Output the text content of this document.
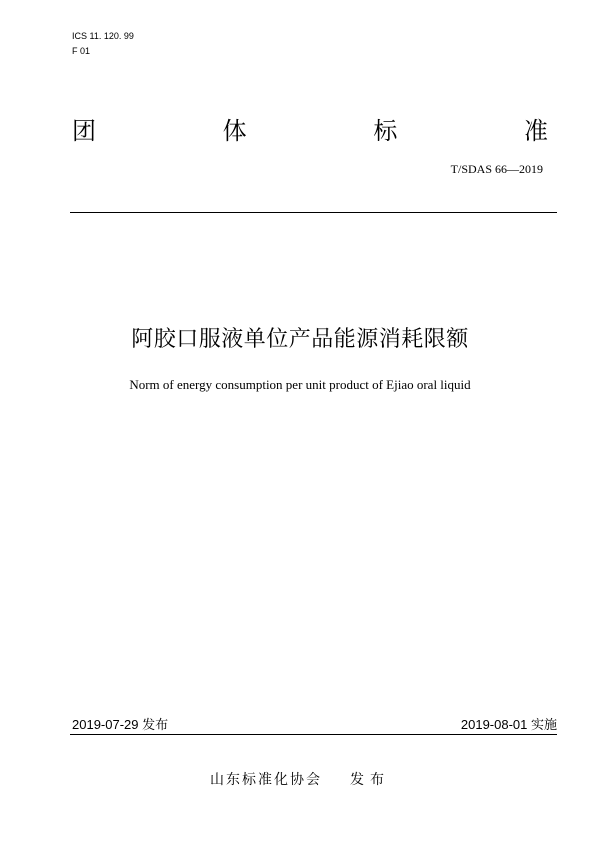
ICS 11. 120. 99
F 01
团	体	标	准
T/SDAS 66—2019
阿胶口服液单位产品能源消耗限额
Norm of energy consumption per unit product of Ejiao oral liquid
2019-07-29 发布	2019-08-01 实施
山东标准化协会 发布
